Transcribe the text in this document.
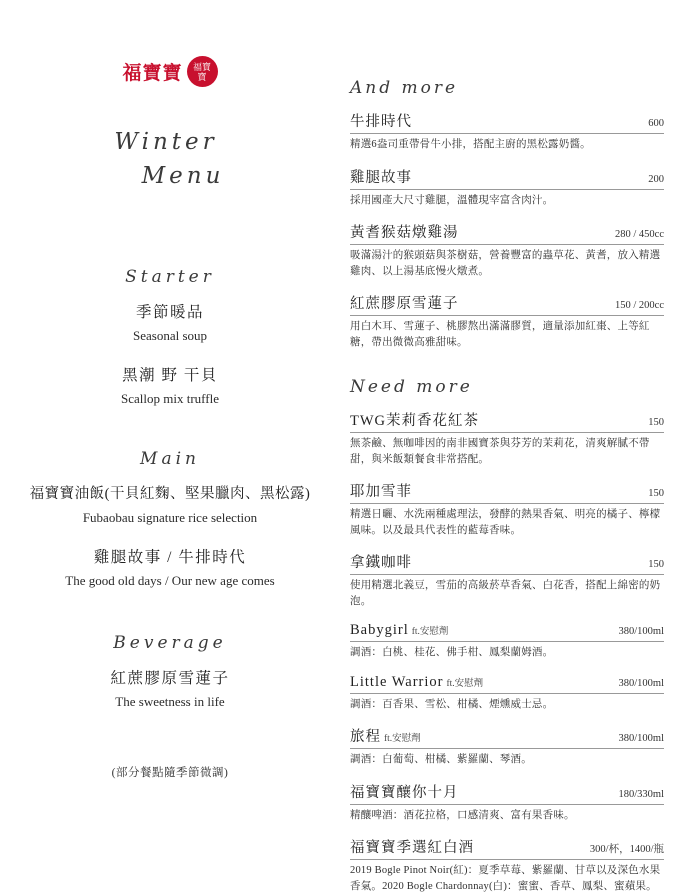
福寶寶	福寶寶
Winter
Menu
Starter

季節暖品

Seasonal soup

黑潮 野 干貝

Scallop mix truffle

Main

福寶寶油飯(干貝紅麴、堅果臘肉、黑松露)

Fubaobau signature rice selection

雞腿故事 / 牛排時代

The good old days / Our new age comes

Beverage

紅蔗膠原雪蓮子

The sweetness in life

(部分餐點隨季節微調)
And more
牛排時代	600

精選6盎司重帶骨牛小排，搭配主廚的黑松露奶醬。

雞腿故事	200

採用國產大尺寸雞腿，溫體現宰富含肉汁。

黃耆猴菇燉雞湯	280 / 450cc

吸滿湯汁的猴頭菇與茶樹菇，營養豐富的蟲草花、黃耆，放入精選雞肉、以上湯基底慢火燉煮。

紅蔗膠原雪蓮子	150 / 200cc

用白木耳、雪蓮子、桃膠熬出滿滿膠質，適量添加紅棗、上等紅糖，帶出微微高雅甜味。

Need more
TWG茉莉香花紅茶	150

無茶鹼、無咖啡因的南非國寶茶與芬芳的茉莉花，清爽解膩不帶甜，與米飯類餐食非常搭配。

耶加雪菲	150

精選日曬、水洗兩種處理法，發酵的熱果香氣、明亮的橘子、檸檬風味。以及最具代表性的藍莓香味。

拿鐵咖啡	150

使用精選北義豆，雪茄的高級菸草香氣、白花香，搭配上綿密的奶泡。

Babygirl ft.安慰劑	380/100ml

調酒：白桃、桂花、佛手柑、鳳梨蘭姆酒。

Little Warrior ft.安慰劑	380/100ml

調酒：百香果、雪松、柑橘、煙燻威士忌。

旅程 ft.安慰劑	380/100ml

調酒：白葡萄、柑橘、紫羅蘭、琴酒。

福寶寶釀你十月	180/330ml

精釀啤酒：酒花拉格，口感清爽、富有果香味。

福寶寶季選紅白酒	300/杯，1400/瓶

2019 Bogle Pinot Noir(紅)：夏季草莓、紫羅蘭、甘草以及深色水果香氣。2020 Bogle Chardonnay(白)：蜜蜜、香草、鳳梨、蜜蘋果。
